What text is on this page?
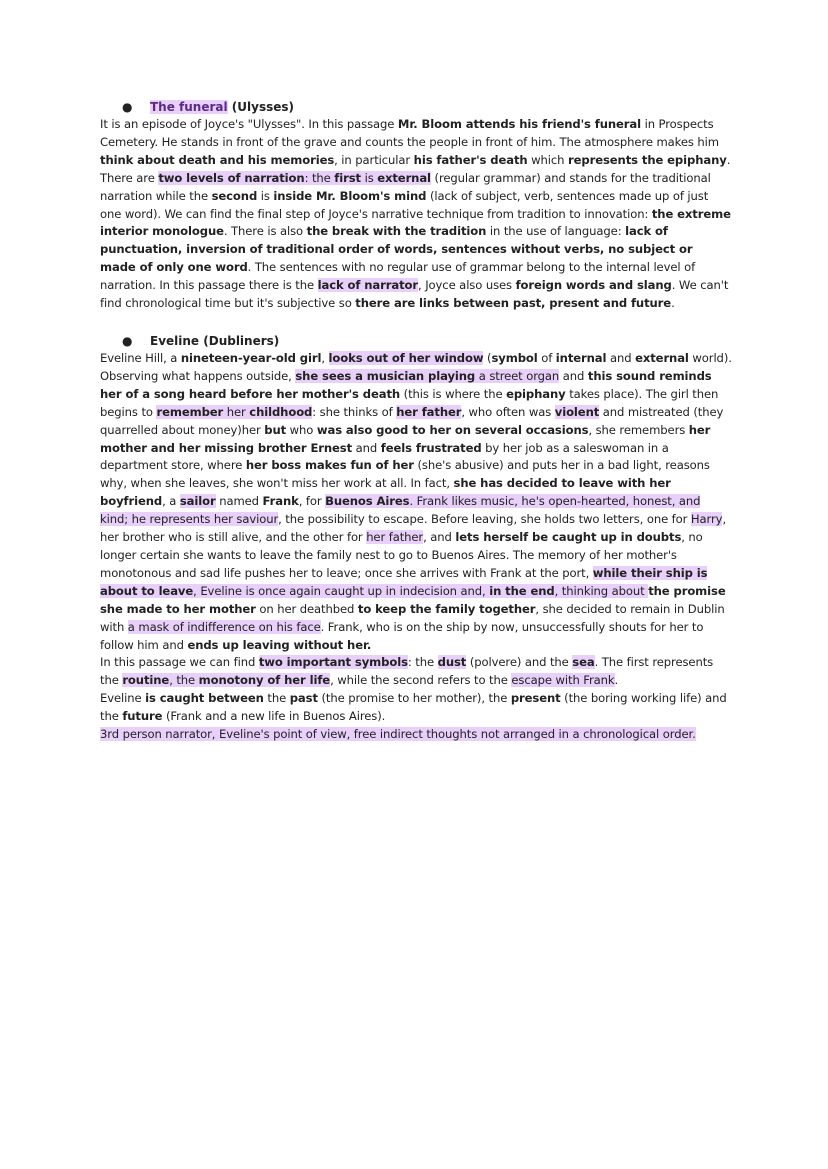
● The funeral (Ulysses)

It is an episode of Joyce's "Ulysses". In this passage Mr. Bloom attends his friend's funeral in Prospects Cemetery. He stands in front of the grave and counts the people in front of him. The atmosphere makes him think about death and his memories, in particular his father's death which represents the epiphany. There are two levels of narration: the first is external (regular grammar) and stands for the traditional narration while the second is inside Mr. Bloom's mind (lack of subject, verb, sentences made up of just one word). We can find the final step of Joyce's narrative technique from tradition to innovation: the extreme interior monologue. There is also the break with the tradition in the use of language: lack of punctuation, inversion of traditional order of words, sentences without verbs, no subject or made of only one word. The sentences with no regular use of grammar belong to the internal level of narration. In this passage there is the lack of narrator, Joyce also uses foreign words and slang. We can't find chronological time but it's subjective so there are links between past, present and future.

● Eveline (Dubliners)

Eveline Hill, a nineteen-year-old girl, looks out of her window (symbol of internal and external world). Observing what happens outside, she sees a musician playing a street organ and this sound reminds her of a song heard before her mother's death (this is where the epiphany takes place). The girl then begins to remember her childhood: she thinks of her father, who often was violent and mistreated (they quarrelled about money)her but who was also good to her on several occasions, she remembers her mother and her missing brother Ernest and feels frustrated by her job as a saleswoman in a department store, where her boss makes fun of her (she's abusive) and puts her in a bad light, reasons why, when she leaves, she won't miss her work at all. In fact, she has decided to leave with her boyfriend, a sailor named Frank, for Buenos Aires. Frank likes music, he's open-hearted, honest, and kind; he represents her saviour, the possibility to escape. Before leaving, she holds two letters, one for Harry, her brother who is still alive, and the other for her father, and lets herself be caught up in doubts, no longer certain she wants to leave the family nest to go to Buenos Aires. The memory of her mother's monotonous and sad life pushes her to leave; once she arrives with Frank at the port, while their ship is about to leave, Eveline is once again caught up in indecision and, in the end, thinking about the promise she made to her mother on her deathbed to keep the family together, she decided to remain in Dublin with a mask of indifference on his face. Frank, who is on the ship by now, unsuccessfully shouts for her to follow him and ends up leaving without her.

In this passage we can find two important symbols: the dust (polvere) and the sea. The first represents the routine, the monotony of her life, while the second refers to the escape with Frank.

Eveline is caught between the past (the promise to her mother), the present (the boring working life) and the future (Frank and a new life in Buenos Aires).

3rd person narrator, Eveline's point of view, free indirect thoughts not arranged in a chronological order.
